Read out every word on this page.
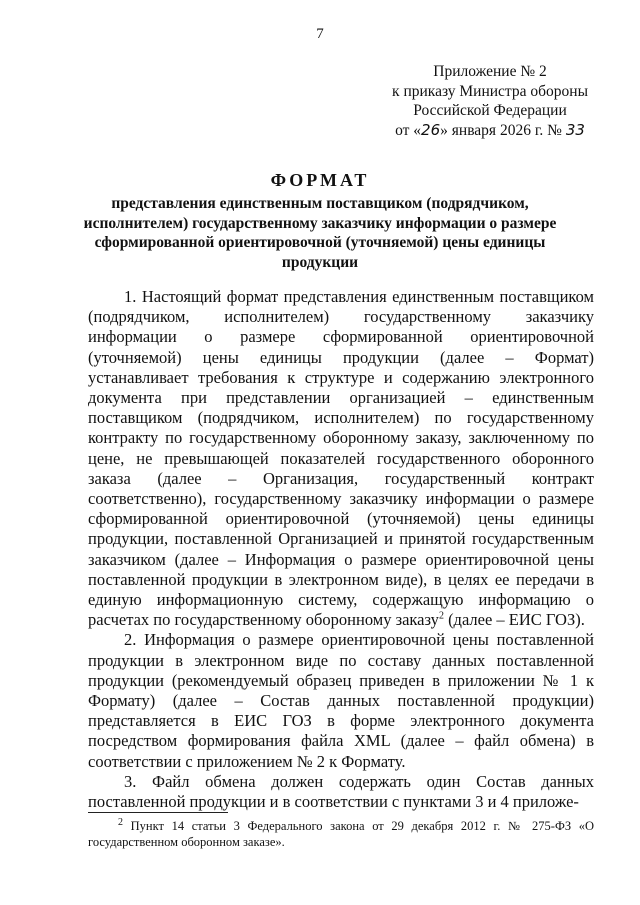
7
Приложение № 2
к приказу Министра обороны
Российской Федерации
от «26» января 2026 г. № 33
ФОРМАТ
представления единственным поставщиком (подрядчиком, исполнителем) государственному заказчику информации о размере сформированной ориентировочной (уточняемой) цены единицы продукции

1. Настоящий формат представления единственным поставщиком (подрядчиком, исполнителем) государственному заказчику информации о размере сформированной ориентировочной (уточняемой) цены единицы продукции (далее – Формат) устанавливает требования к структуре и содержанию электронного документа при представлении организацией – единственным поставщиком (подрядчиком, исполнителем) по государственному контракту по государственному оборонному заказу, заключенному по цене, не превышающей показателей государственного оборонного заказа (далее – Организация, государственный контракт соответственно), государственному заказчику информации о размере сформированной ориентировочной (уточняемой) цены единицы продукции, поставленной Организацией и принятой государственным заказчиком (далее – Информация о размере ориентировочной цены поставленной продукции в электронном виде), в целях ее передачи в единую информационную систему, содержащую информацию о расчетах по государственному оборонному заказу$^2$ (далее – ЕИС ГОЗ).

2. Информация о размере ориентировочной цены поставленной продукции в электронном виде по составу данных поставленной продукции (рекомендуемый образец приведен в приложении № 1 к Формату) (далее – Состав данных поставленной продукции) представляется в ЕИС ГОЗ в форме электронного документа посредством формирования файла XML (далее – файл обмена) в соответствии с приложением № 2 к Формату.

3. Файл обмена должен содержать один Состав данных поставленной продукции и в соответствии с пунктами 3 и 4 приложе-

$^2$ Пункт 14 статьи 3 Федерального закона от 29 декабря 2012 г. № 275-ФЗ «О государственном оборонном заказе».
